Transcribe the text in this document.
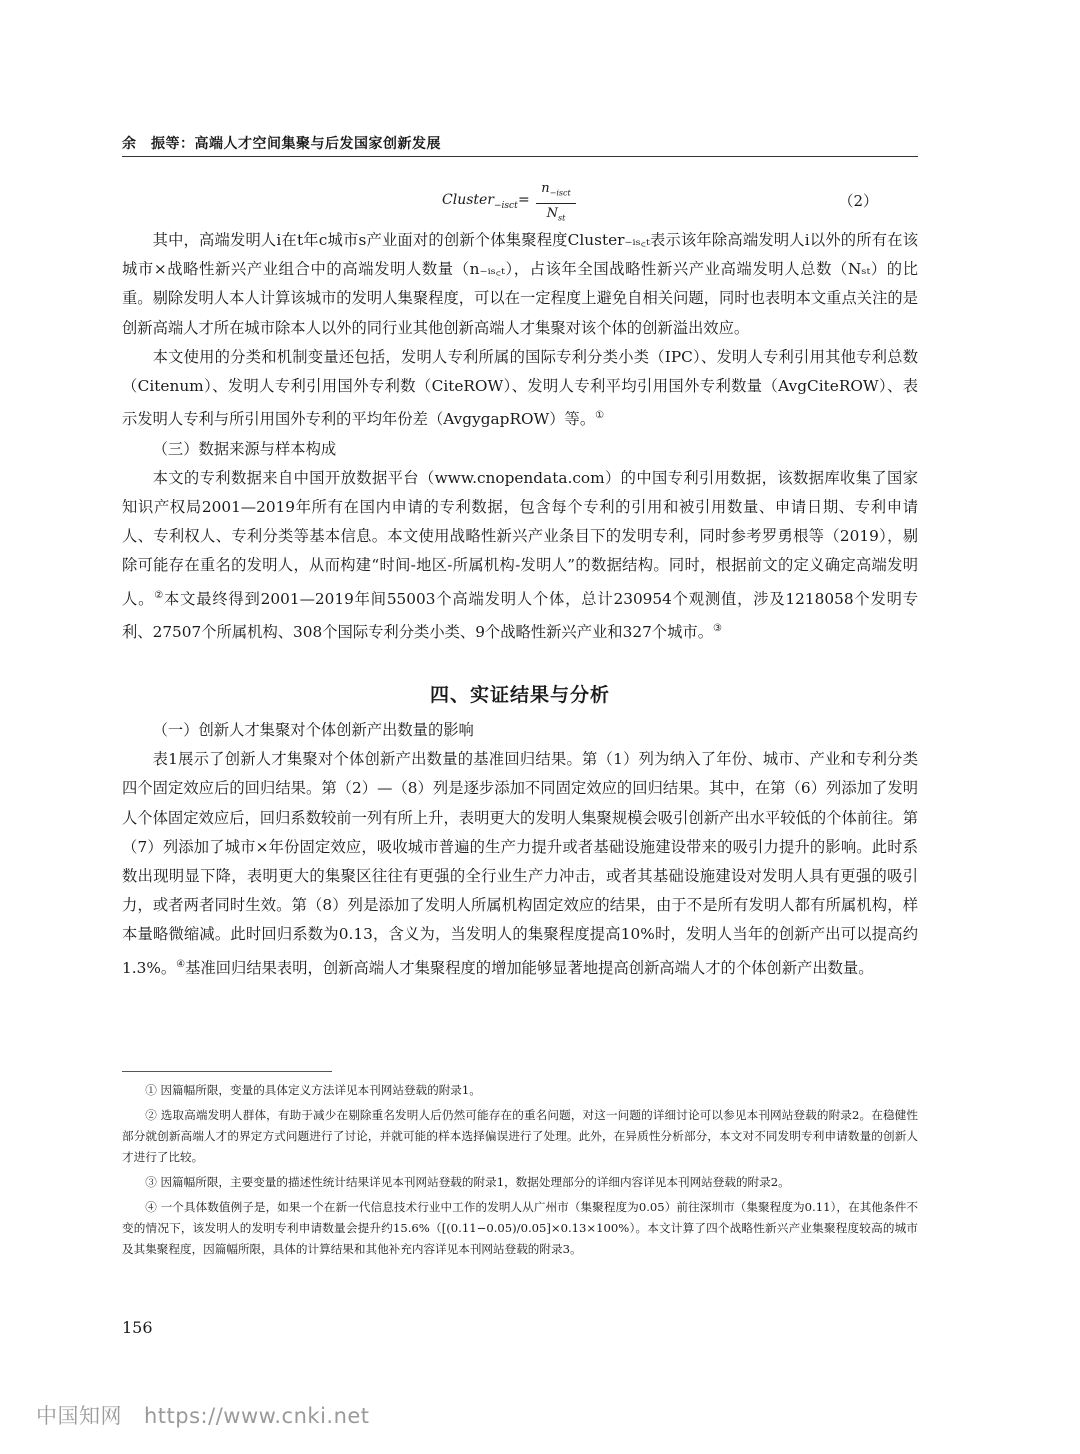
余　振等：高端人才空间集聚与后发国家创新发展
Cluster$_{-isct}$ =
$n_{-isct}$
$N_{st}$
（2）

其中，高端发明人i在t年c城市s产业面对的创新个体集聚程度Cluster₋ᵢₛ꜀ₜ表示该年除高端发明人i以外的所有在该城市×战略性新兴产业组合中的高端发明人数量（n₋ᵢₛ꜀ₜ），占该年全国战略性新兴产业高端发明人总数（Nₛₜ）的比重。剔除发明人本人计算该城市的发明人集聚程度，可以在一定程度上避免自相关问题，同时也表明本文重点关注的是创新高端人才所在城市除本人以外的同行业其他创新高端人才集聚对该个体的创新溢出效应。

本文使用的分类和机制变量还包括，发明人专利所属的国际专利分类小类（IPC）、发明人专利引用其他专利总数（Citenum）、发明人专利引用国外专利数（CiteROW）、发明人专利平均引用国外专利数量（AvgCiteROW）、表示发明人专利与所引用国外专利的平均年份差（AvgygapROW）等。①

（三）数据来源与样本构成

本文的专利数据来自中国开放数据平台（www.cnopendata.com）的中国专利引用数据，该数据库收集了国家知识产权局2001—2019年所有在国内申请的专利数据，包含每个专利的引用和被引用数量、申请日期、专利申请人、专利权人、专利分类等基本信息。本文使用战略性新兴产业条目下的发明专利，同时参考罗勇根等（2019），剔除可能存在重名的发明人，从而构建“时间-地区-所属机构-发明人”的数据结构。同时，根据前文的定义确定高端发明人。②本文最终得到2001—2019年间55003个高端发明人个体，总计230954个观测值，涉及1218058个发明专利、27507个所属机构、308个国际专利分类小类、9个战略性新兴产业和327个城市。③

四、实证结果与分析

（一）创新人才集聚对个体创新产出数量的影响

表1展示了创新人才集聚对个体创新产出数量的基准回归结果。第（1）列为纳入了年份、城市、产业和专利分类四个固定效应后的回归结果。第（2）—（8）列是逐步添加不同固定效应的回归结果。其中，在第（6）列添加了发明人个体固定效应后，回归系数较前一列有所上升，表明更大的发明人集聚规模会吸引创新产出水平较低的个体前往。第（7）列添加了城市×年份固定效应，吸收城市普遍的生产力提升或者基础设施建设带来的吸引力提升的影响。此时系数出现明显下降，表明更大的集聚区往往有更强的全行业生产力冲击，或者其基础设施建设对发明人具有更强的吸引力，或者两者同时生效。第（8）列是添加了发明人所属机构固定效应的结果，由于不是所有发明人都有所属机构，样本量略微缩减。此时回归系数为0.13，含义为，当发明人的集聚程度提高10%时，发明人当年的创新产出可以提高约1.3%。④基准回归结果表明，创新高端人才集聚程度的增加能够显著地提高创新高端人才的个体创新产出数量。

① 因篇幅所限，变量的具体定义方法详见本刊网站登载的附录1。

② 选取高端发明人群体，有助于减少在剔除重名发明人后仍然可能存在的重名问题，对这一问题的详细讨论可以参见本刊网站登载的附录2。在稳健性部分就创新高端人才的界定方式问题进行了讨论，并就可能的样本选择偏误进行了处理。此外，在异质性分析部分，本文对不同发明专利申请数量的创新人才进行了比较。

③ 因篇幅所限，主要变量的描述性统计结果详见本刊网站登载的附录1，数据处理部分的详细内容详见本刊网站登载的附录2。

④ 一个具体数值例子是，如果一个在新一代信息技术行业中工作的发明人从广州市（集聚程度为0.05）前往深圳市（集聚程度为0.11），在其他条件不变的情况下，该发明人的发明专利申请数量会提升约15.6%（[(0.11−0.05)/0.05]×0.13×100%）。本文计算了四个战略性新兴产业集聚程度较高的城市及其集聚程度，因篇幅所限，具体的计算结果和其他补充内容详见本刊网站登载的附录3。

156
中国知网 https://www.cnki.net
